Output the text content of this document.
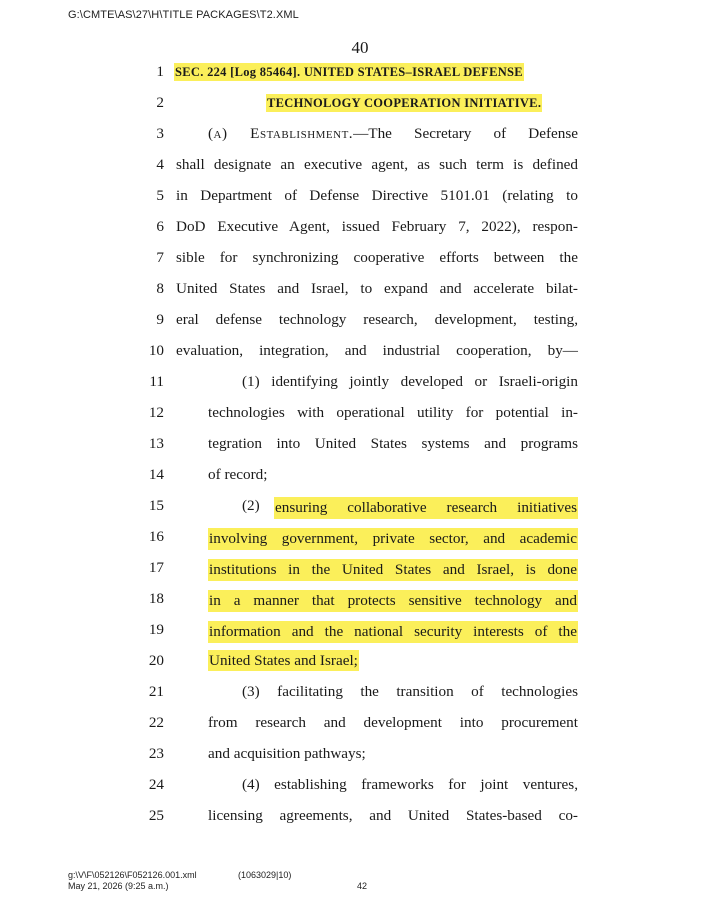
G:\CMTE\AS\27\H\TITLE PACKAGES\T2.XML
40
1 SEC. 224 [Log 85464]. UNITED STATES–ISRAEL DEFENSE
2	TECHNOLOGY COOPERATION INITIATIVE.
3	(a) Establishment.—The Secretary of Defense
4 shall designate an executive agent, as such term is defined
5 in Department of Defense Directive 5101.01 (relating to
6 DoD Executive Agent, issued February 7, 2022), respon-
7 sible for synchronizing cooperative efforts between the
8 United States and Israel, to expand and accelerate bilat-
9 eral defense technology research, development, testing,
10 evaluation, integration, and industrial cooperation, by—
11	(1) identifying jointly developed or Israeli-origin
12	technologies with operational utility for potential in-
13	tegration into United States systems and programs
14	of record;
15	(2) ensuring collaborative research initiatives
16	involving government, private sector, and academic
17	institutions in the United States and Israel, is done
18	in a manner that protects sensitive technology and
19	information and the national security interests of the
20	United States and Israel;
21	(3) facilitating the transition of technologies
22	from research and development into procurement
23	and acquisition pathways;
24	(4) establishing frameworks for joint ventures,
25	licensing agreements, and United States-based co-
g:\V\F\052126\F052126.001.xml
May 21, 2026 (9:25 a.m.)
(1063029|10)
42
